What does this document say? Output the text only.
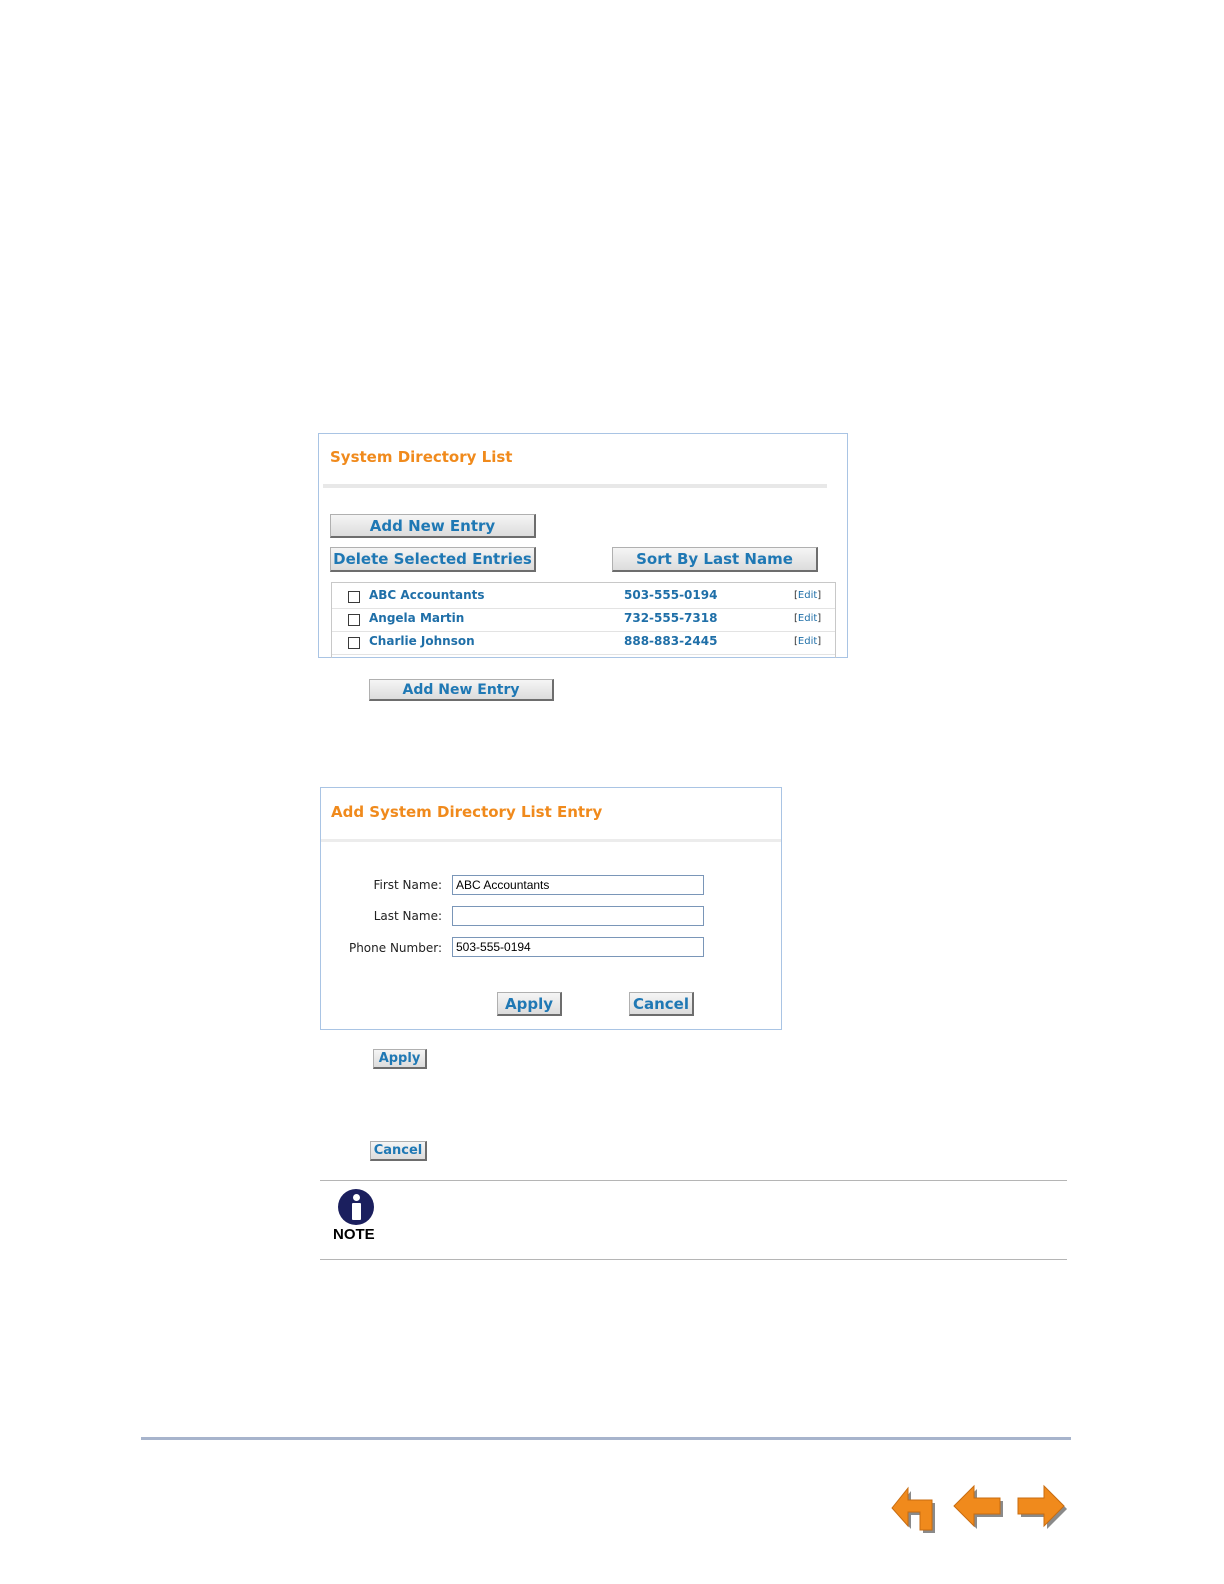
System Directory List
Add New Entry
Delete Selected Entries	Sort By Last Name
ABC Accountants	503-555-0194	[Edit]
Angela Martin	732-555-7318	[Edit]
Charlie Johnson	888-883-2445	[Edit]
Add New Entry
Add System Directory List Entry
First Name:
ABC Accountants
Last Name:
Phone Number:
503-555-0194
Apply	Cancel
Apply
Cancel
NOTE
